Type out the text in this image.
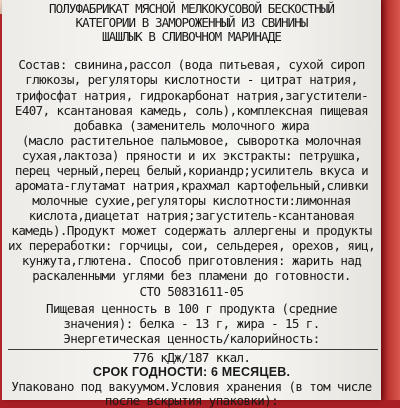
ПОЛУФАБРИКАТ МЯСНОЙ МЕЛКОКУСОВОЙ БЕСКОСТНЫЙ
КАТЕГОРИИ В ЗАМОРОЖЕННЫЙ ИЗ СВИНИНЫ
ШАШЛЫК В СЛИВОЧНОМ МАРИНАДЕ
Состав: свинина,рассол (вода питьевая, сухой сироп
глюкозы, регуляторы кислотности - цитрат натрия,
трифосфат натрия, гидрокарбонат натрия,загустители-
Е407, ксантановая камедь, соль),комплексная пищевая
добавка (заменитель молочного жира
(масло растительное пальмовое, сыворотка молочная
сухая,лактоза) пряности и их экстракты: петрушка,
перец черный,перец белый,кориандр;усилитель вкуса и
аромата-глутамат натрия,крахмал картофельный,сливки
молочные сухие,регуляторы кислотности:лимонная
кислота,диацетат натрия;загуститель-ксантановая
камедь).Продукт может содержать аллергены и продукты
их переработки: горчицы, сои, сельдерея, орехов, яиц,
кунжута,глютена. Способ приготовления: жарить над
раскаленными углями без пламени до готовности.
СТО 50831611-05
Пищевая ценность в 100 г продукта (средние
значения): белка - 13 г, жира - 15 г.
Энергетическая ценность/калорийность:
776 кДж/187 ккал.
СРОК ГОДНОСТИ: 6 МЕСЯЦЕВ.
Упаковано под вакуумом.Условия хранения (в том числе
после вскрытия упаковки):
